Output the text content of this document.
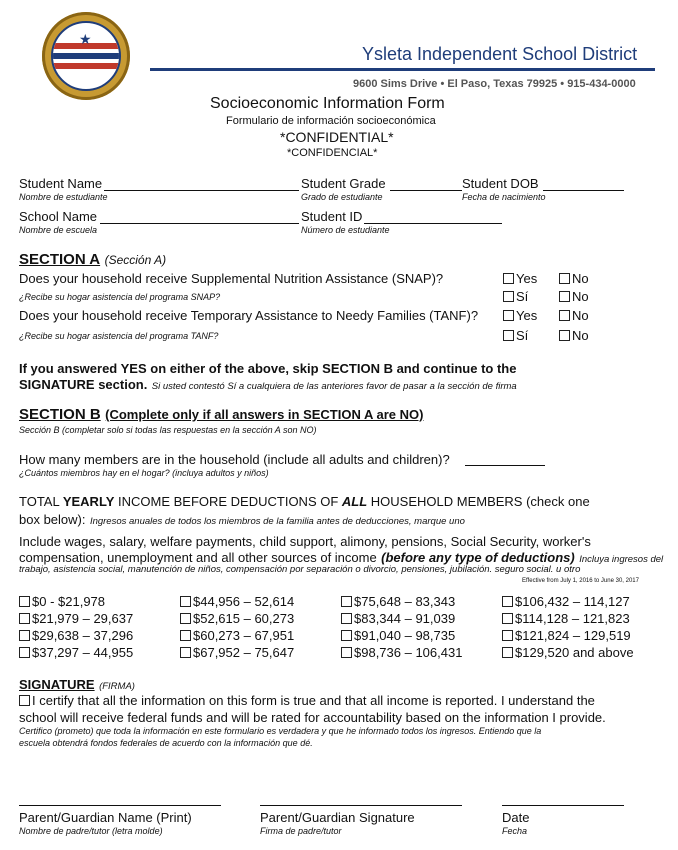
★
Ysleta Independent School District
9600 Sims Drive • El Paso, Texas 79925 • 915-434-0000
Socioeconomic Information Form
Formulario de información socioeconómica
*CONFIDENTIAL*
*CONFIDENCIAL*
Student Name
Nombre de estudiante
Student Grade
Grado de estudiante
Student DOB
Fecha de nacimiento
School Name
Nombre de escuela
Student ID
Número de estudiante
SECTION A (Sección A)
Does your household receive Supplemental Nutrition Assistance (SNAP)?
¿Recibe su hogar asistencia del programa SNAP?
Yes	No
Sí	No
Does your household receive Temporary Assistance to Needy Families (TANF)?
¿Recibe su hogar asistencia del programa TANF?
Yes	No
Sí	No
If you answered YES on either of the above, skip SECTION B and continue to the
SIGNATURE section. Si usted contestó Sí a cualquiera de las anteriores favor de pasar a la sección de firma
SECTION B (Complete only if all answers in SECTION A are NO)
Sección B (completar solo si todas las respuestas en la sección A son NO)
How many members are in the household (include all adults and children)?
¿Cuántos miembros hay en el hogar? (incluya adultos y niños)
TOTAL YEARLY INCOME BEFORE DEDUCTIONS OF ALL HOUSEHOLD MEMBERS (check one
box below): Ingresos anuales de todos los miembros de la familia antes de deducciones, marque uno
Include wages, salary, welfare payments, child support, alimony, pensions, Social Security, worker's
compensation, unemployment and all other sources of income (before any type of deductions) Incluya ingresos del
trabajo, asistencia social, manutención de niños, compensación por separación o divorcio, pensiones, jubilación. seguro social. u otro
Effective from July 1, 2016 to June 30, 2017
$0 - $21,978	$44,956 – 52,614	$75,648 – 83,343	$106,432 – 114,127
$21,979 – 29,637	$52,615 – 60,273	$83,344 – 91,039	$114,128 – 121,823
$29,638 – 37,296	$60,273 – 67,951	$91,040 – 98,735	$121,824 – 129,519
$37,297 – 44,955	$67,952 – 75,647	$98,736 – 106,431	$129,520 and above
SIGNATURE (FIRMA)
I certify that all the information on this form is true and that all income is reported. I understand the
school will receive federal funds and will be rated for accountability based on the information I provide.
Certifico (prometo) que toda la información en este formulario es verdadera y que he informado todos los ingresos. Entiendo que la
escuela obtendrá fondos federales de acuerdo con la información que dé.
Parent/Guardian Name (Print)
Nombre de padre/tutor (letra molde)
Parent/Guardian Signature
Firma de padre/tutor
Date
Fecha
